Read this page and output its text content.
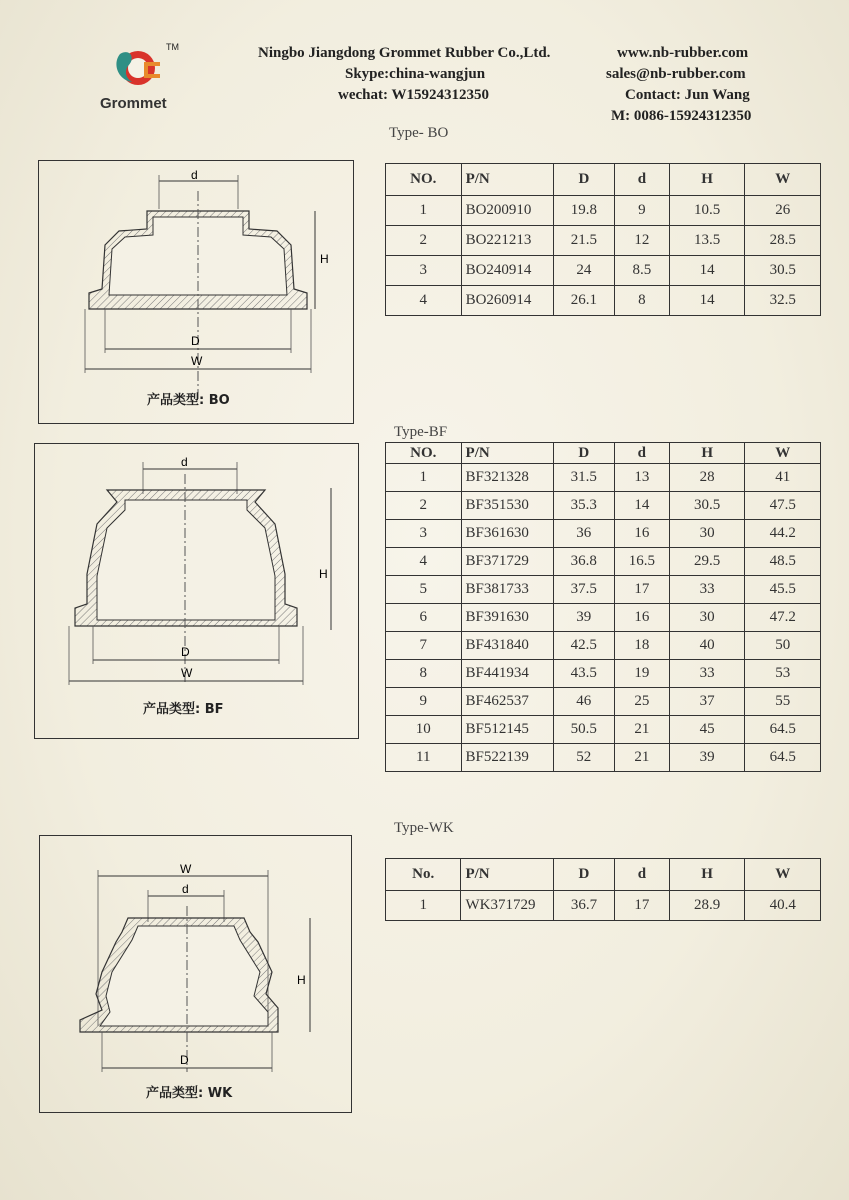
TM
Grommet
Ningbo Jiangdong Grommet Rubber Co.,Ltd.
Skype:china-wangjun
wechat: W15924312350
www.nb-rubber.com
sales@nb-rubber.com
Contact: Jun Wang
M: 0086-15924312350
Type- BO
d
H
D
W
产品类型: BO
NO.	P/N	D	d	H	W
1	BO200910	19.8	9	10.5	26
2	BO221213	21.5	12	13.5	28.5
3	BO240914	24	8.5	14	30.5
4	BO260914	26.1	8	14	32.5
Type-BF
d
H
D
W
产品类型: BF
NO.	P/N	D	d	H	W
1	BF321328	31.5	13	28	41
2	BF351530	35.3	14	30.5	47.5
3	BF361630	36	16	30	44.2
4	BF371729	36.8	16.5	29.5	48.5
5	BF381733	37.5	17	33	45.5
6	BF391630	39	16	30	47.2
7	BF431840	42.5	18	40	50
8	BF441934	43.5	19	33	53
9	BF462537	46	25	37	55
10	BF512145	50.5	21	45	64.5
11	BF522139	52	21	39	64.5
Type-WK
W
d
H
D
产品类型: WK
No.	P/N	D	d	H	W
1	WK371729	36.7	17	28.9	40.4
